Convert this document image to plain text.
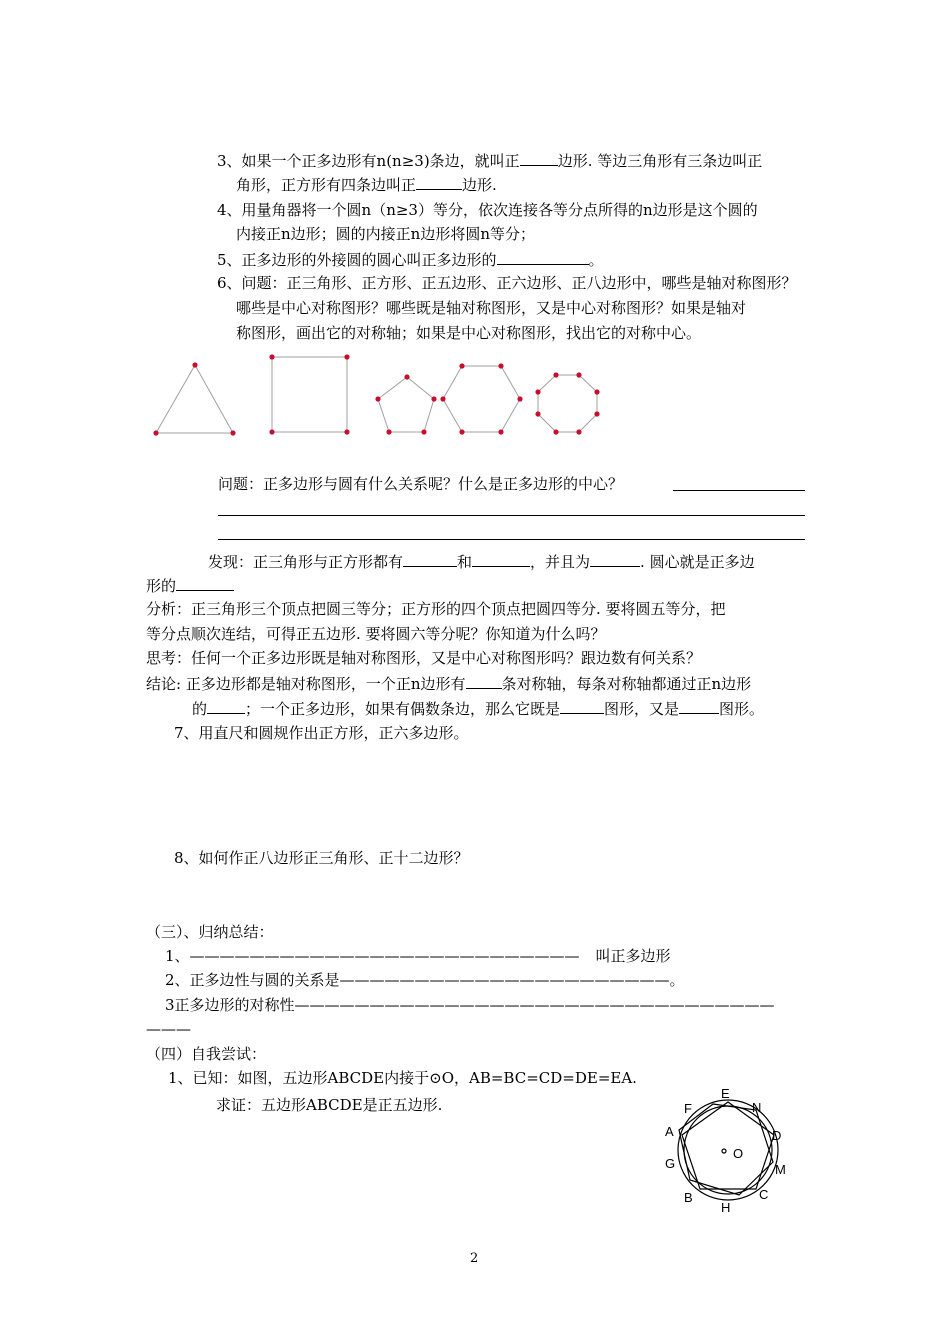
3、如果一个正多边形有n(n≥3)条边，就叫正	边形. 等边三角形有三条边叫正
角形，正方形有四条边叫正	边形.
4、用量角器将一个圆n（n≥3）等分，依次连接各等分点所得的n边形是这个圆的
内接正n边形；圆的内接正n边形将圆n等分；
5、正多边形的外接圆的圆心叫正多边形的	。
6、问题：正三角形、正方形、正五边形、正六边形、正八边形中，哪些是轴对称图形？
哪些是中心对称图形？哪些既是轴对称图形，又是中心对称图形？如果是轴对
称图形，画出它的对称轴；如果是中心对称图形，找出它的对称中心。
问题：正多边形与圆有什么关系呢？什么是正多边形的中心？
发现：正三角形与正方形都有	和	，并且为	. 圆心就是正多边
形的
分析：正三角形三个顶点把圆三等分；正方形的四个顶点把圆四等分. 要将圆五等分，把
等分点顺次连结，可得正五边形. 要将圆六等分呢？你知道为什么吗？
思考：任何一个正多边形既是轴对称图形，又是中心对称图形吗？跟边数有何关系？
结论: 正多边形都是轴对称图形，一个正n边形有 条对称轴，每条对称轴都通过正n边形
的	；一个正多边形，如果有偶数条边，那么它既是	图形，又是	图形。
7、用直尺和圆规作出正方形，正六多边形。
8、如何作正八边形正三角形、正十二边形？
（三）、归纳总结：
1、—————————————————————————— 叫正多边形
2、正多边性与圆的关系是——————————————————————。
3正多边形的对称性————————————————————————————————
———
（四）自我尝试：
1、已知：如图，五边形ABCDE内接于⊙O，AB=BC=CD=DE=EA.
求证：五边形ABCDE是正五边形.
E
N
F
D
A
O
G	M
B	C
H
2
